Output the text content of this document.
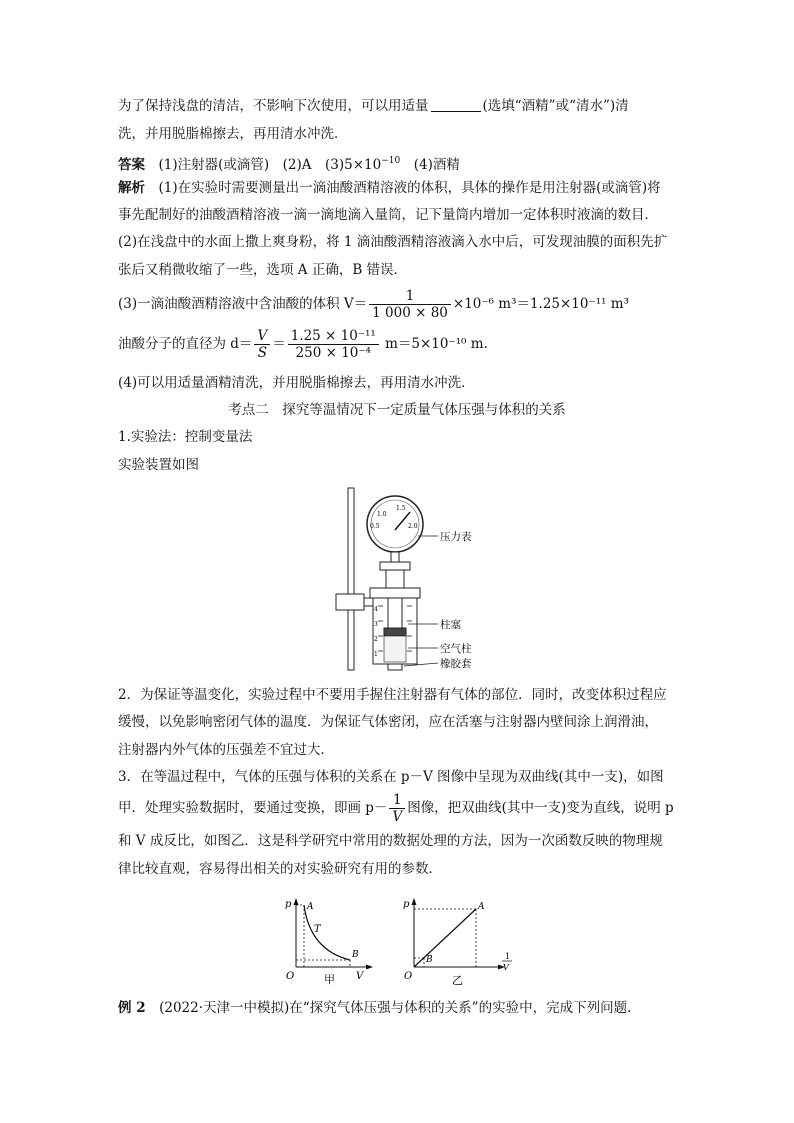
为了保持浅盘的清洁，不影响下次使用，可以用适量	(选填“酒精”或“清水”)清
洗，并用脱脂棉擦去，再用清水冲洗．
答案　 (1)注射器(或滴管)　(2)A　$(3)5\times 10^{-10}$　(4)酒精
解析　 (1)在实验时需要测量出一滴油酸酒精溶液的体积，具体的操作是用注射器(或滴管)将
事先配制好的油酸酒精溶液一滴一滴地滴入量筒，记下量筒内增加一定体积时液滴的数目．
(2)在浅盘中的水面上撒上爽身粉，将 1 滴油酸酒精溶液滴入水中后，可发现油膜的面积先扩
张后又稍微收缩了一些，选项 A 正确，B 错误．
(3)一滴油酸酒精溶液中含油酸的体积 $V= \frac{1}{1 000 \times 80} \times 10^{-6}$ m³＝1.25×10⁻¹¹ m³
油酸分子的直径为 $d= \frac{V}{S} = \frac{\text{1.25 × 10⁻¹¹}}{\text{250 × 10⁻⁴}} m=5\times 10^{-10}$ m.
(4)可以用适量酒精清洗，并用脱脂棉擦去，再用清水冲洗．
考点二　探究等温情况下一定质量气体压强与体积的关系
1.实验法：控制变量法
实验装置如图
0.5
1.0
1.5
2.0
1
2
3
4
压力表
柱塞
空气柱
橡胶套
2．为保证等温变化，实验过程中不要用手握住注射器有气体的部位．同时，改变体积过程应
缓慢，以免影响密闭气体的温度．为保证气体密闭，应在活塞与注射器内壁间涂上润滑油，
注射器内外气体的压强差不宜过大．
3．在等温过程中，气体的压强与体积的关系在 p－V 图像中呈现为双曲线(其中一支)，如图
甲．处理实验数据时，要通过变换，即画 $p- \frac{1}{V}$ 图像，把双曲线(其中一支)变为直线，说明 p
和 V 成反比，如图乙．这是科学研究中常用的数据处理的方法，因为一次函数反映的物理规
律比较直观，容易得出相关的对实验研究有用的参数．
p A
T
B
O	V
甲
p	A
B
O
1
V
乙
例 2　 (2022·天津一中模拟)在“探究气体压强与体积的关系”的实验中，完成下列问题．
